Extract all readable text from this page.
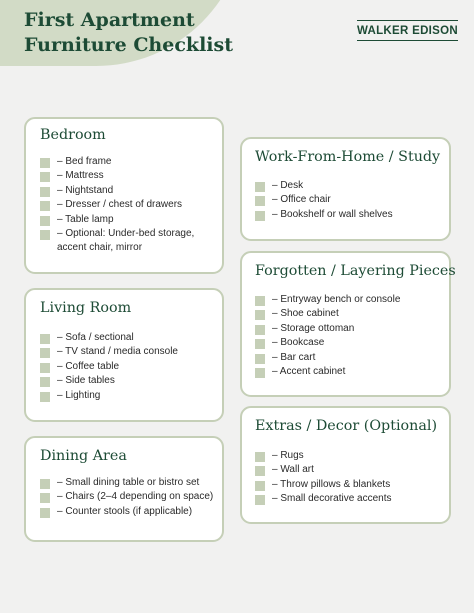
First Apartment
Furniture Checklist
WALKER EDISON
Bedroom
– Bed frame
– Mattress
– Nightstand
– Dresser / chest of drawers
– Table lamp
– Optional: Under-bed storage, accent chair, mirror
Living Room
– Sofa / sectional
– TV stand / media console
– Coffee table
– Side tables
– Lighting
Dining Area
– Small dining table or bistro set
– Chairs (2–4 depending on space)
– Counter stools (if applicable)
Work-From-Home / Study
– Desk
– Office chair
– Bookshelf or wall shelves
Forgotten / Layering Pieces
– Entryway bench or console
– Shoe cabinet
– Storage ottoman
– Bookcase
– Bar cart
– Accent cabinet
Extras / Decor (Optional)
– Rugs
– Wall art
– Throw pillows & blankets
– Small decorative accents
